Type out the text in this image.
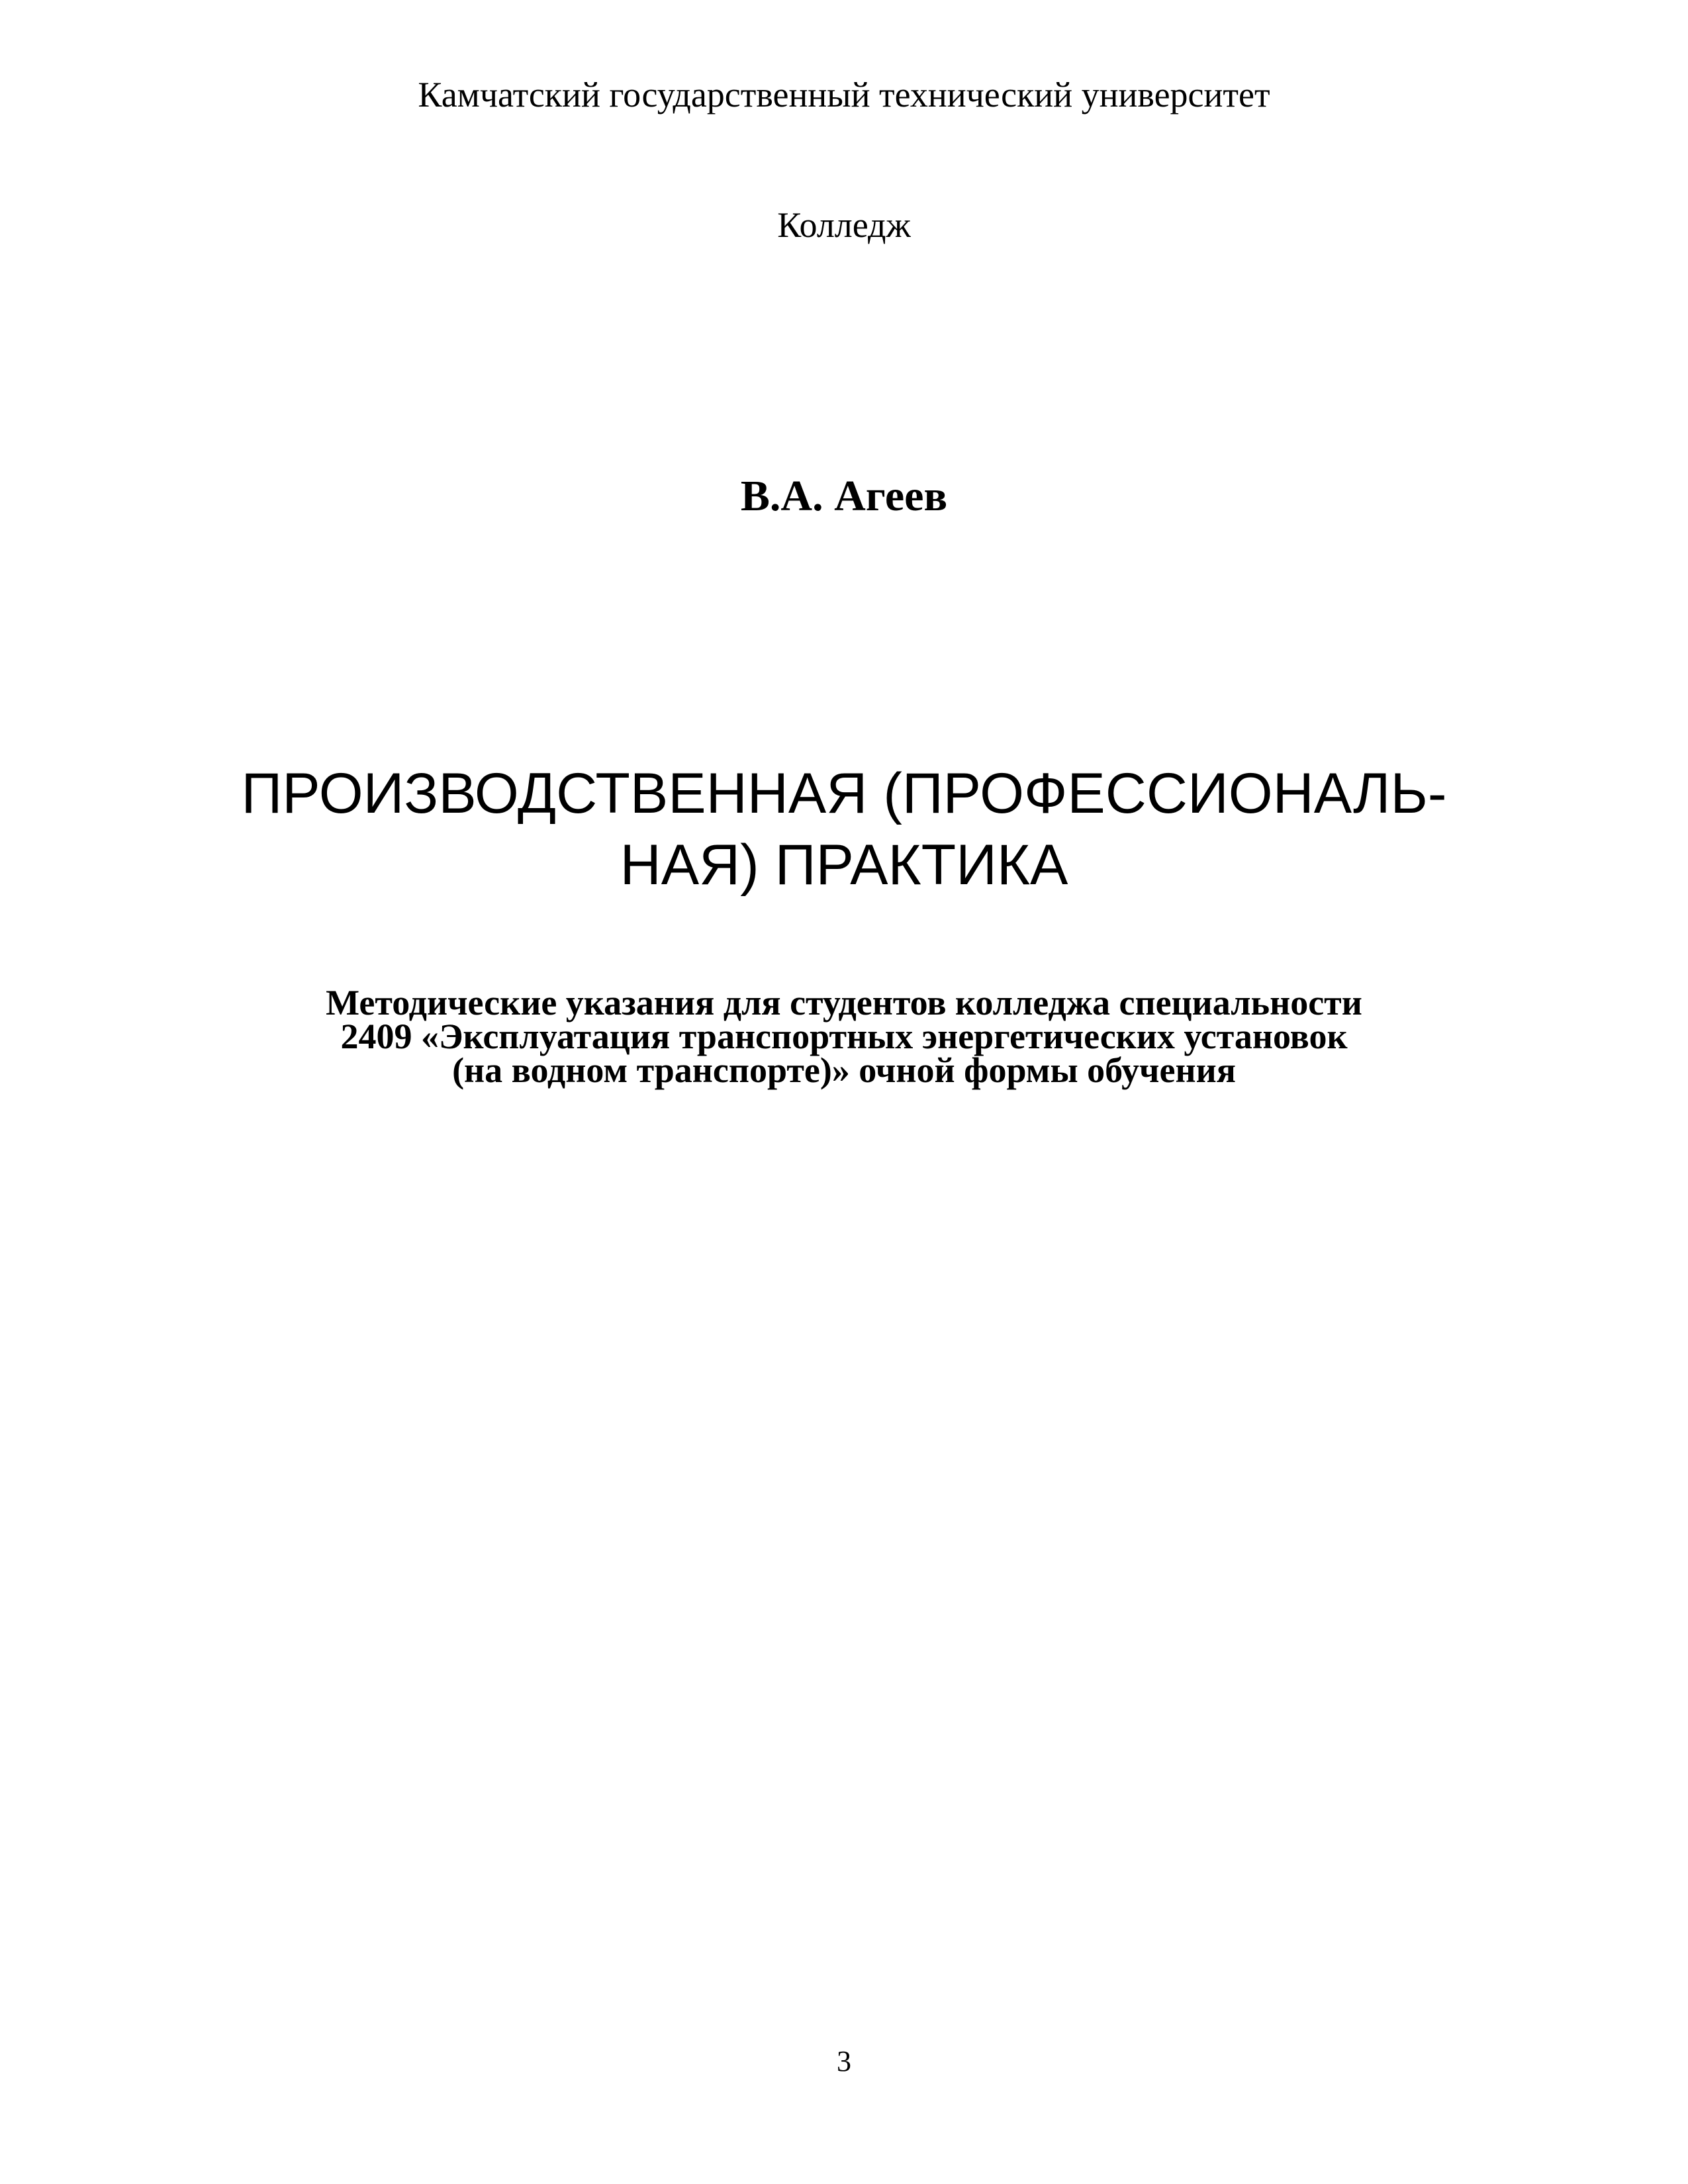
Камчатский государственный технический университет
Колледж
В.А. Агеев
ПРОИЗВОДСТВЕННАЯ (ПРОФЕССИОНАЛЬ-
НАЯ) ПРАКТИКА
Методические указания для студентов колледжа специальности
2409 «Эксплуатация транспортных энергетических установок
(на водном транспорте)» очной формы обучения
3
